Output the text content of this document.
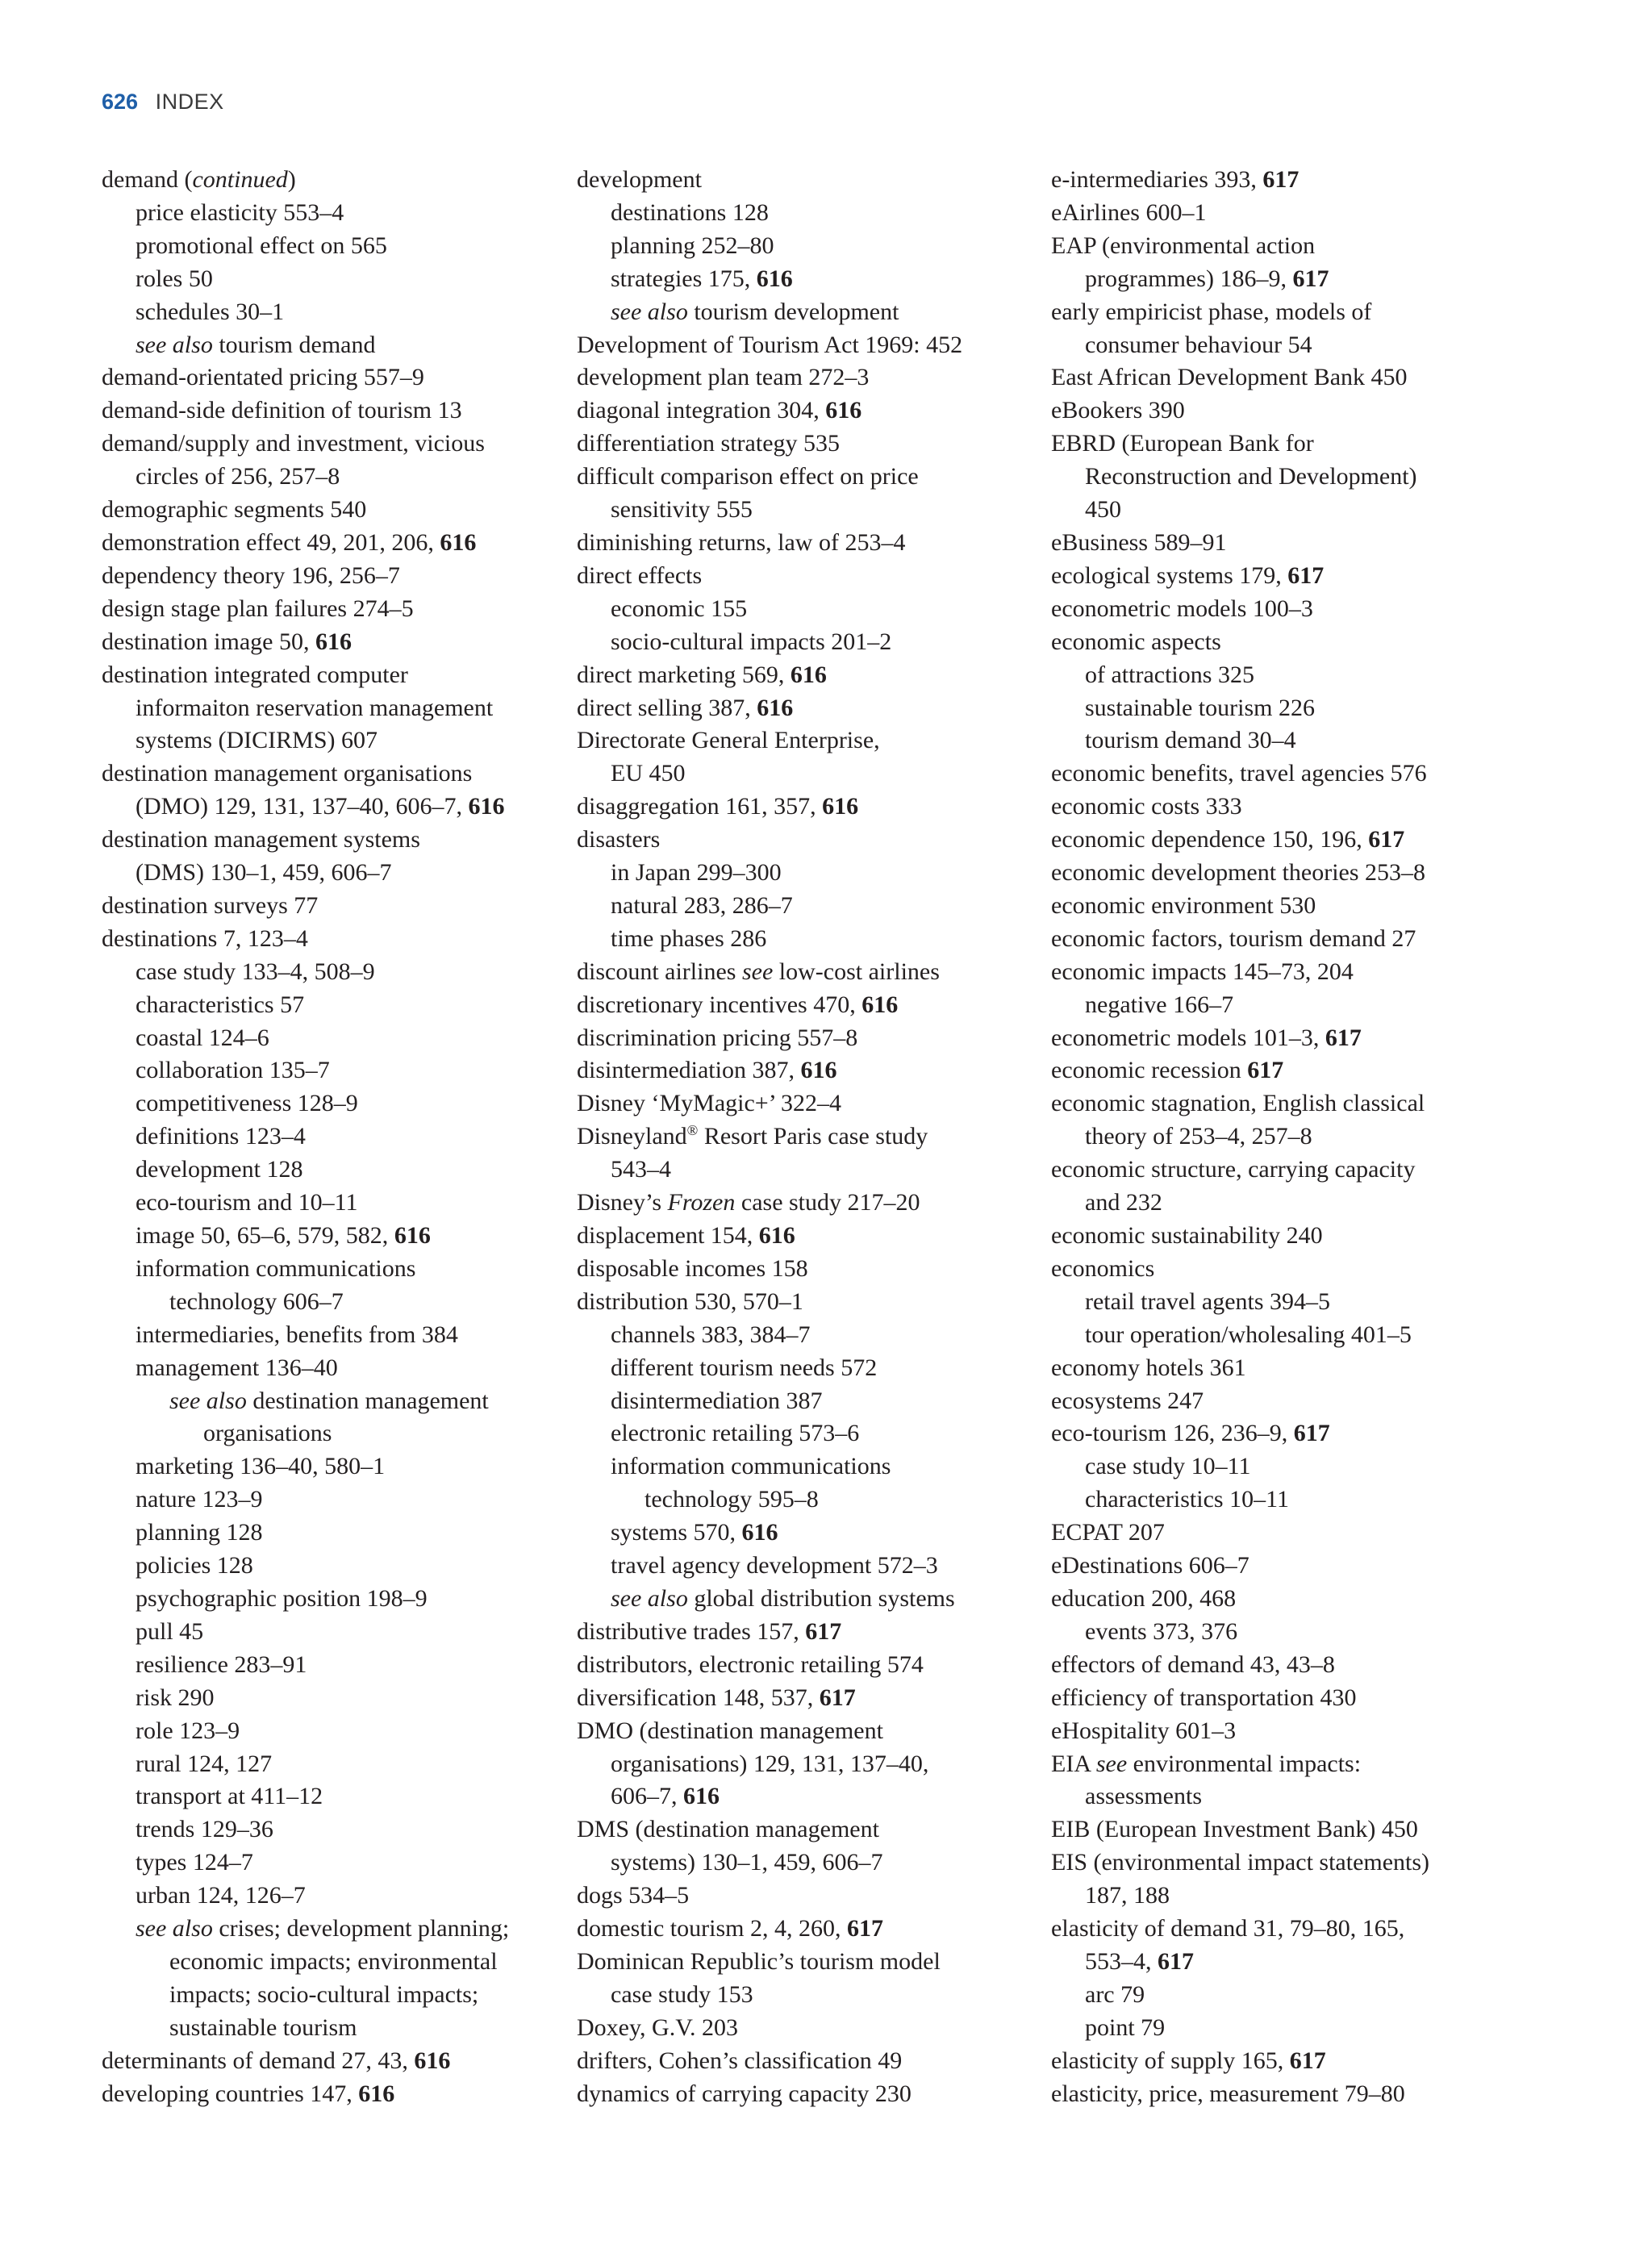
626 INDEX
demand (continued)
price elasticity 553–4
promotional effect on 565
roles 50
schedules 30–1
see also tourism demand
demand-orientated pricing 557–9
demand-side definition of tourism 13
demand/supply and investment, vicious
circles of 256, 257–8
demographic segments 540
demonstration effect 49, 201, 206, 616
dependency theory 196, 256–7
design stage plan failures 274–5
destination image 50, 616
destination integrated computer
informaiton reservation management
systems (DICIRMS) 607
destination management organisations
(DMO) 129, 131, 137–40, 606–7, 616
destination management systems
(DMS) 130–1, 459, 606–7
destination surveys 77
destinations 7, 123–4
case study 133–4, 508–9
characteristics 57
coastal 124–6
collaboration 135–7
competitiveness 128–9
definitions 123–4
development 128
eco-tourism and 10–11
image 50, 65–6, 579, 582, 616
information communications
technology 606–7
intermediaries, benefits from 384
management 136–40
see also destination management
organisations
marketing 136–40, 580–1
nature 123–9
planning 128
policies 128
psychographic position 198–9
pull 45
resilience 283–91
risk 290
role 123–9
rural 124, 127
transport at 411–12
trends 129–36
types 124–7
urban 124, 126–7
see also crises; development planning;
economic impacts; environmental
impacts; socio-cultural impacts;
sustainable tourism
determinants of demand 27, 43, 616
developing countries 147, 616
development
destinations 128
planning 252–80
strategies 175, 616
see also tourism development
Development of Tourism Act 1969: 452
development plan team 272–3
diagonal integration 304, 616
differentiation strategy 535
difficult comparison effect on price
sensitivity 555
diminishing returns, law of 253–4
direct effects
economic 155
socio-cultural impacts 201–2
direct marketing 569, 616
direct selling 387, 616
Directorate General Enterprise,
EU 450
disaggregation 161, 357, 616
disasters
in Japan 299–300
natural 283, 286–7
time phases 286
discount airlines see low-cost airlines
discretionary incentives 470, 616
discrimination pricing 557–8
disintermediation 387, 616
Disney ‘MyMagic+’ 322–4
Disneyland® Resort Paris case study
543–4
Disney’s Frozen case study 217–20
displacement 154, 616
disposable incomes 158
distribution 530, 570–1
channels 383, 384–7
different tourism needs 572
disintermediation 387
electronic retailing 573–6
information communications
technology 595–8
systems 570, 616
travel agency development 572–3
see also global distribution systems
distributive trades 157, 617
distributors, electronic retailing 574
diversification 148, 537, 617
DMO (destination management
organisations) 129, 131, 137–40,
606–7, 616
DMS (destination management
systems) 130–1, 459, 606–7
dogs 534–5
domestic tourism 2, 4, 260, 617
Dominican Republic’s tourism model
case study 153
Doxey, G.V. 203
drifters, Cohen’s classification 49
dynamics of carrying capacity 230
e-intermediaries 393, 617
eAirlines 600–1
EAP (environmental action
programmes) 186–9, 617
early empiricist phase, models of
consumer behaviour 54
East African Development Bank 450
eBookers 390
EBRD (European Bank for
Reconstruction and Development)
450
eBusiness 589–91
ecological systems 179, 617
econometric models 100–3
economic aspects
of attractions 325
sustainable tourism 226
tourism demand 30–4
economic benefits, travel agencies 576
economic costs 333
economic dependence 150, 196, 617
economic development theories 253–8
economic environment 530
economic factors, tourism demand 27
economic impacts 145–73, 204
negative 166–7
econometric models 101–3, 617
economic recession 617
economic stagnation, English classical
theory of 253–4, 257–8
economic structure, carrying capacity
and 232
economic sustainability 240
economics
retail travel agents 394–5
tour operation/wholesaling 401–5
economy hotels 361
ecosystems 247
eco-tourism 126, 236–9, 617
case study 10–11
characteristics 10–11
ECPAT 207
eDestinations 606–7
education 200, 468
events 373, 376
effectors of demand 43, 43–8
efficiency of transportation 430
eHospitality 601–3
EIA see environmental impacts:
assessments
EIB (European Investment Bank) 450
EIS (environmental impact statements)
187, 188
elasticity of demand 31, 79–80, 165,
553–4, 617
arc 79
point 79
elasticity of supply 165, 617
elasticity, price, measurement 79–80
